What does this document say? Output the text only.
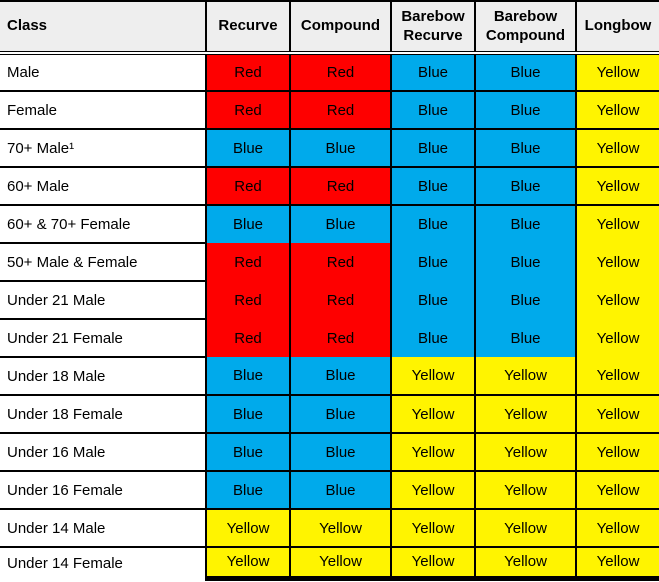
Class	Recurve	Compound	Barebow Recurve	Barebow Compound	Longbow
Male	Red	Red	Blue	Blue	Yellow
Female	Red	Red	Blue	Blue	Yellow
70+ Male¹	Blue	Blue	Blue	Blue	Yellow
60+ Male	Red	Red	Blue	Blue	Yellow
60+ & 70+ Female	Blue	Blue	Blue	Blue	Yellow
50+ Male & Female	Red	Red	Blue	Blue	Yellow
Under 21 Male	Red	Red	Blue	Blue	Yellow
Under 21 Female	Red	Red	Blue	Blue	Yellow
Under 18 Male	Blue	Blue	Yellow	Yellow	Yellow
Under 18 Female	Blue	Blue	Yellow	Yellow	Yellow
Under 16 Male	Blue	Blue	Yellow	Yellow	Yellow
Under 16 Female	Blue	Blue	Yellow	Yellow	Yellow
Under 14 Male	Yellow	Yellow	Yellow	Yellow	Yellow
Under 14 Female	Yellow	Yellow	Yellow	Yellow	Yellow
